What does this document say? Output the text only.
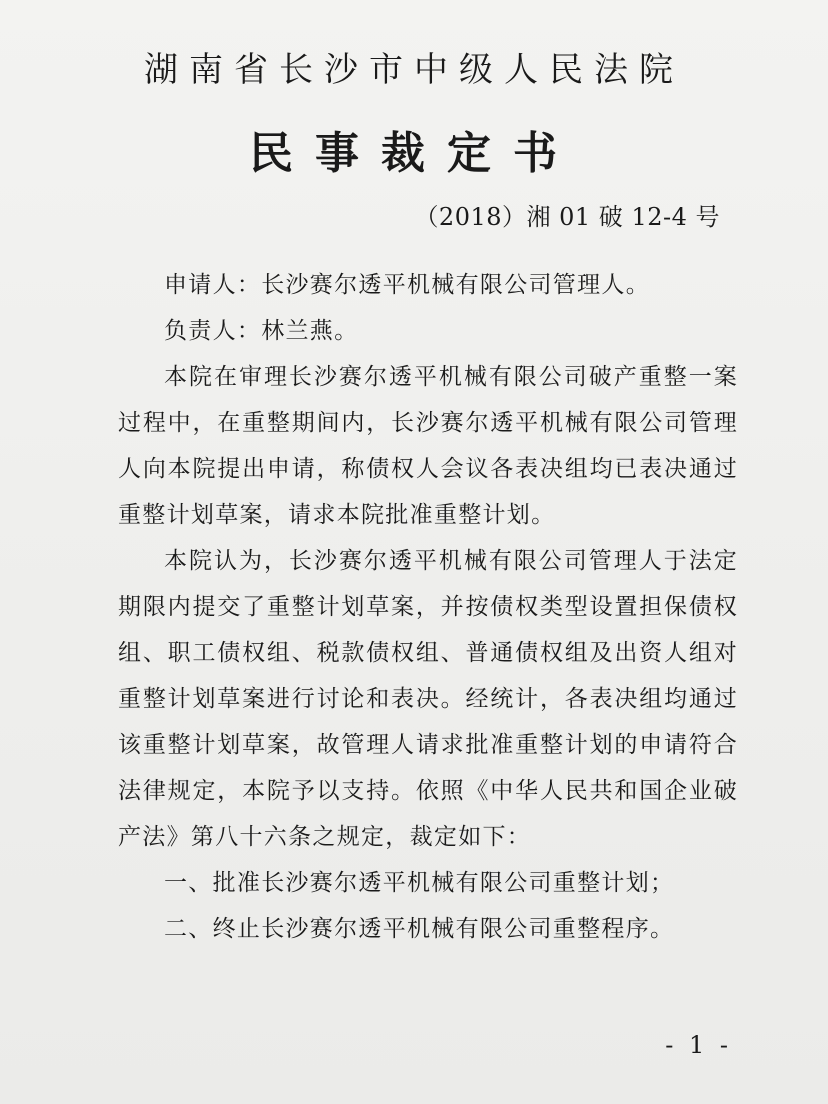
湖南省长沙市中级人民法院
民事裁定书
（2018）湘 01 破 12-4 号

申请人：长沙赛尔透平机械有限公司管理人。

负责人：林兰燕。

本院在审理长沙赛尔透平机械有限公司破产重整一案过程中，在重整期间内，长沙赛尔透平机械有限公司管理人向本院提出申请，称债权人会议各表决组均已表决通过重整计划草案，请求本院批准重整计划。

本院认为，长沙赛尔透平机械有限公司管理人于法定期限内提交了重整计划草案，并按债权类型设置担保债权组、职工债权组、税款债权组、普通债权组及出资人组对重整计划草案进行讨论和表决。经统计，各表决组均通过该重整计划草案，故管理人请求批准重整计划的申请符合法律规定，本院予以支持。依照《中华人民共和国企业破产法》第八十六条之规定，裁定如下：

一、批准长沙赛尔透平机械有限公司重整计划；

二、终止长沙赛尔透平机械有限公司重整程序。

- 1 -
